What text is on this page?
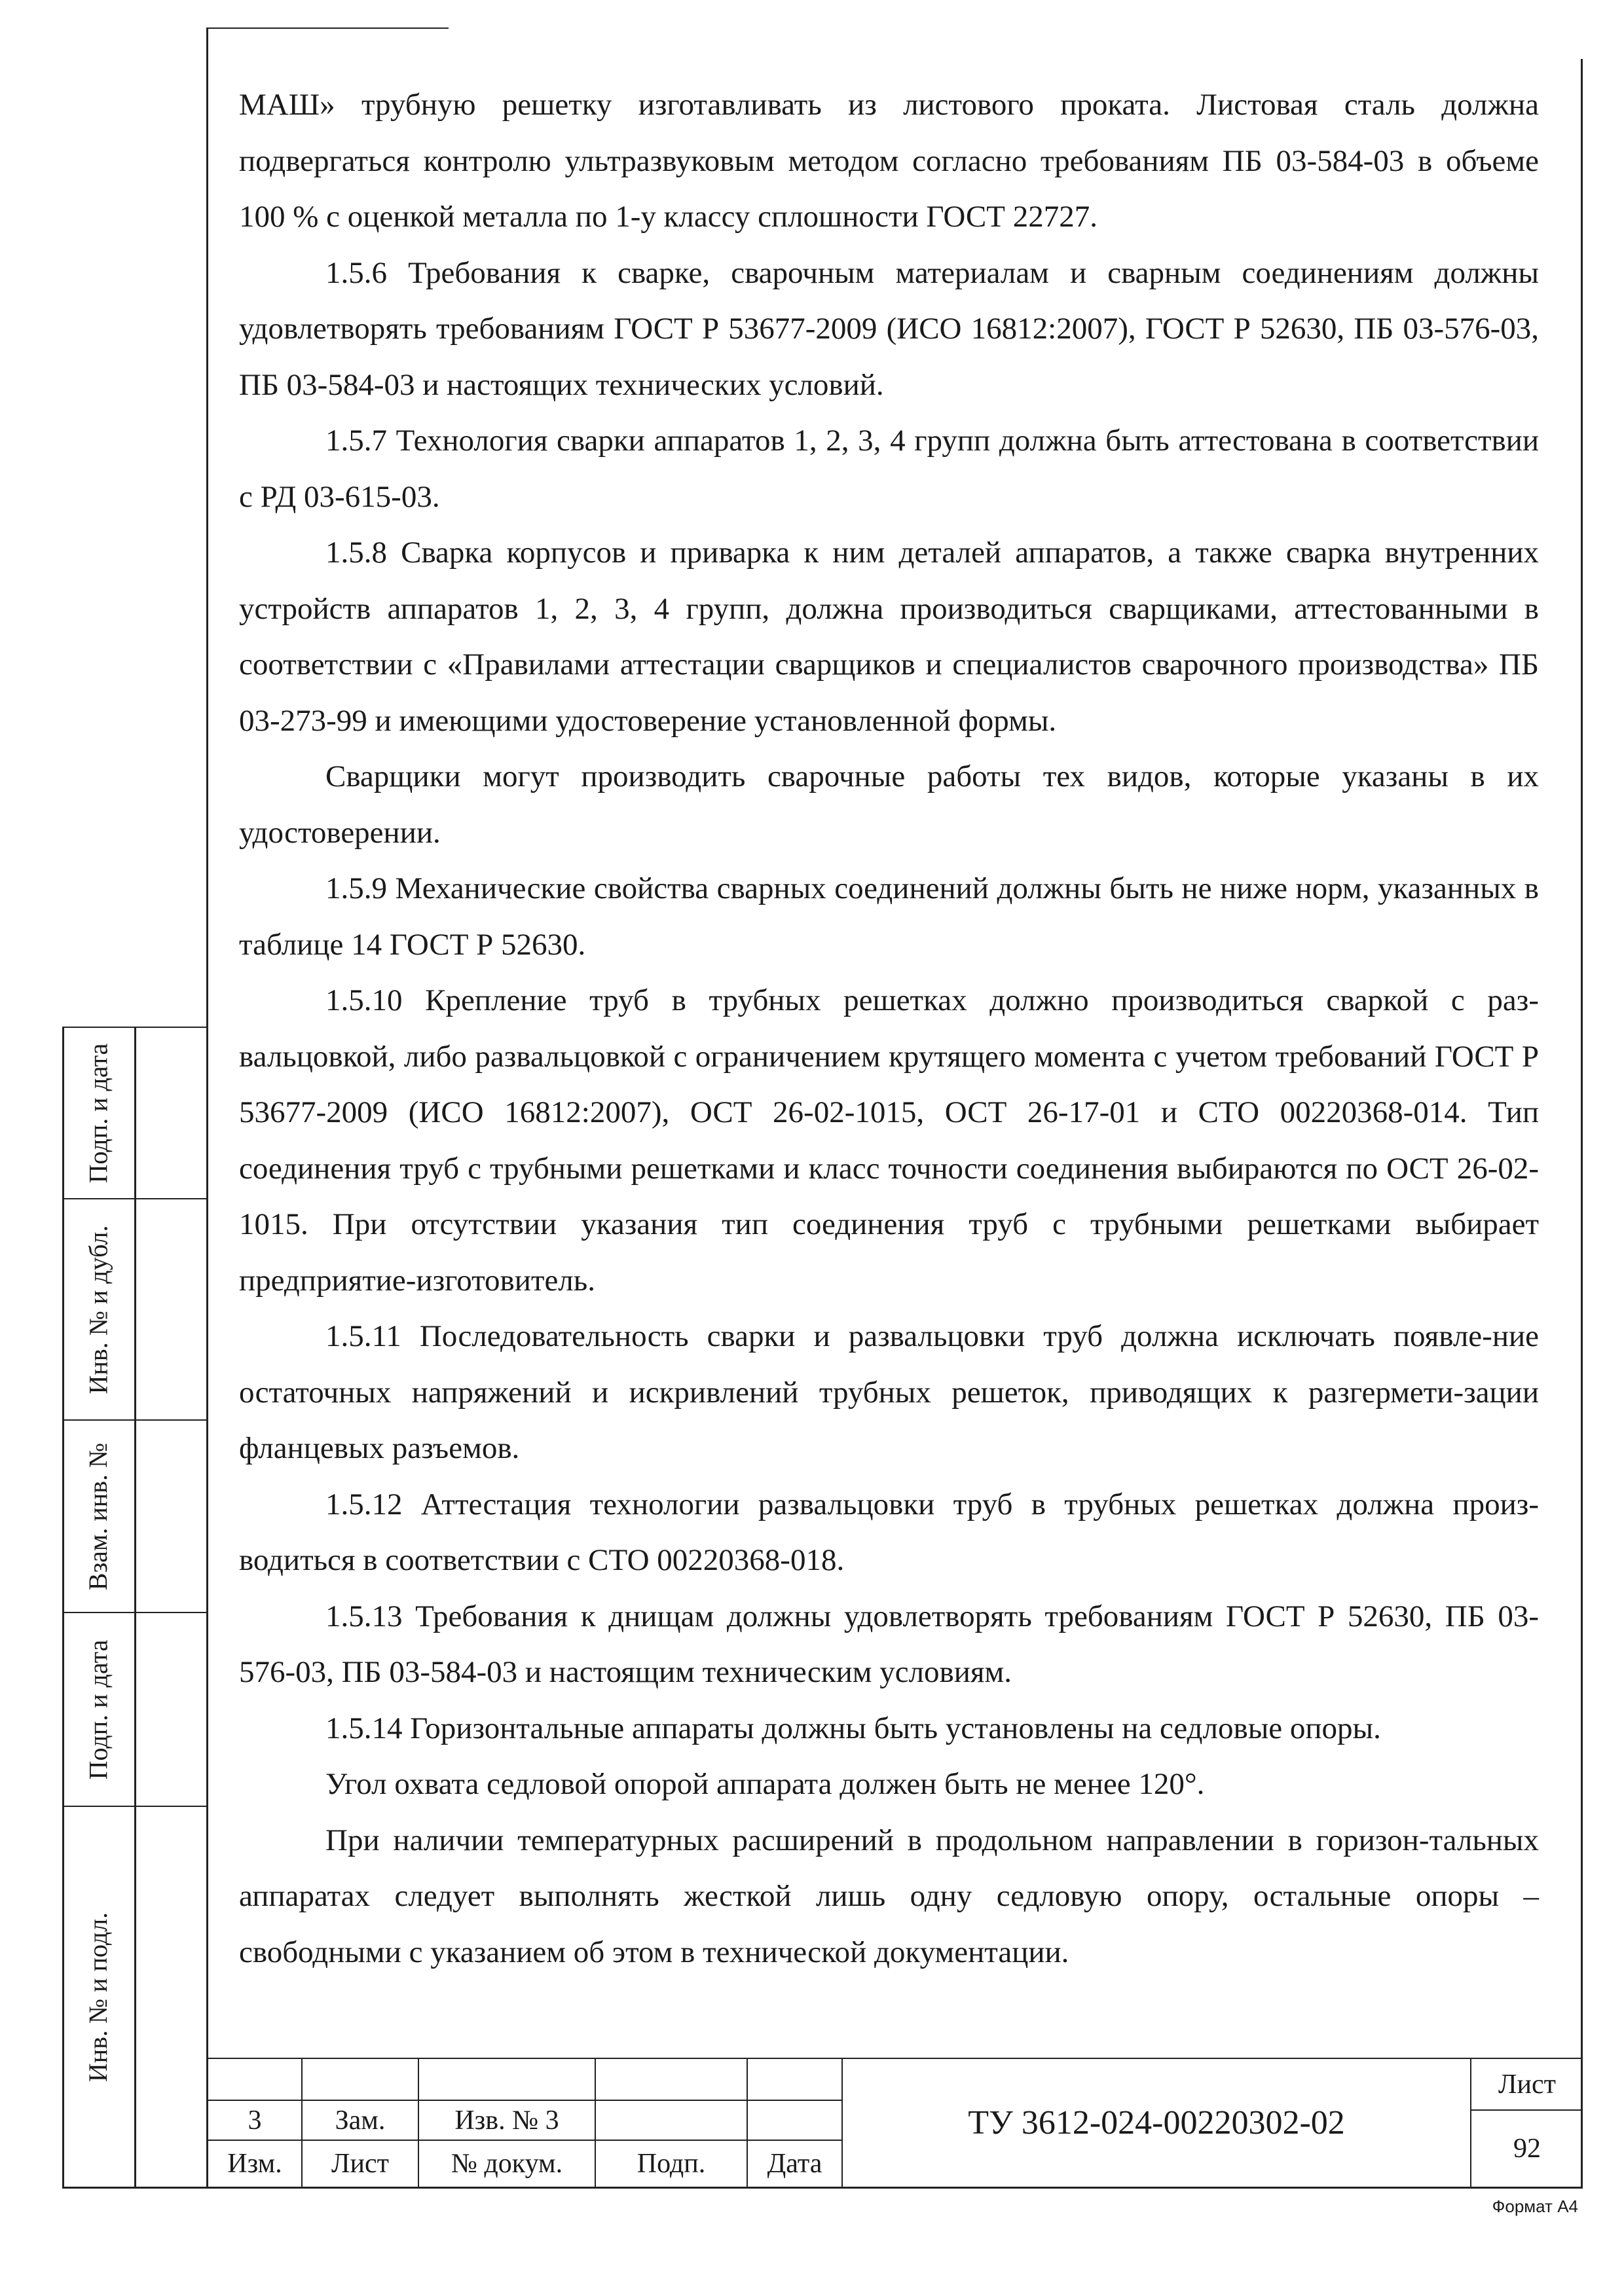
Подп. и дата
Инв. № и дубл.
Взам. инв. №
Подп. и дата
Инв. № и подл.

МАШ» трубную решетку изготавливать из листового проката. Листовая сталь должна подвергаться контролю ультразвуковым методом согласно требованиям ПБ 03-584-03 в объеме 100 % с оценкой металла по 1-у классу сплошности ГОСТ 22727.

1.5.6 Требования к сварке, сварочным материалам и сварным соединениям должны удовлетворять требованиям ГОСТ Р 53677-2009 (ИСО 16812:2007), ГОСТ Р 52630, ПБ 03-576-03, ПБ 03-584-03 и настоящих технических условий.

1.5.7 Технология сварки аппаратов 1, 2, 3, 4 групп должна быть аттестована в соответствии с РД 03-615-03.

1.5.8 Сварка корпусов и приварка к ним деталей аппаратов, а также сварка внутренних устройств аппаратов 1, 2, 3, 4 групп, должна производиться сварщиками, аттестованными в соответствии с «Правилами аттестации сварщиков и специалистов сварочного производства» ПБ 03-273-99 и имеющими удостоверение установленной формы.

Сварщики могут производить сварочные работы тех видов, которые указаны в их удостоверении.

1.5.9 Механические свойства сварных соединений должны быть не ниже норм, указанных в таблице 14 ГОСТ Р 52630.

1.5.10 Крепление труб в трубных решетках должно производиться сваркой с раз-вальцовкой, либо развальцовкой с ограничением крутящего момента с учетом требований ГОСТ Р 53677-2009 (ИСО 16812:2007), ОСТ 26-02-1015, ОСТ 26-17-01 и СТО 00220368-014. Тип соединения труб с трубными решетками и класс точности соединения выбираются по ОСТ 26-02-1015. При отсутствии указания тип соединения труб с трубными решетками выбирает предприятие-изготовитель.

1.5.11 Последовательность сварки и развальцовки труб должна исключать появле-ние остаточных напряжений и искривлений трубных решеток, приводящих к разгермети-зации фланцевых разъемов.

1.5.12 Аттестация технологии развальцовки труб в трубных решетках должна произ-водиться в соответствии с СТО 00220368-018.

1.5.13 Требования к днищам должны удовлетворять требованиям ГОСТ Р 52630, ПБ 03- 576-03, ПБ 03-584-03 и настоящим техническим условиям.

1.5.14 Горизонтальные аппараты должны быть установлены на седловые опоры.

Угол охвата седловой опорой аппарата должен быть не менее 120°.

При наличии температурных расширений в продольном направлении в горизон-тальных аппаратах следует выполнять жесткой лишь одну седловую опору, остальные опоры – свободными с указанием об этом в технической документации.

3	Зам.	Изв. № 3
Изм.	Лист	№ докум.	Подп.	Дата
ТУ 3612-024-00220302-02
Лист
92
Формат А4
